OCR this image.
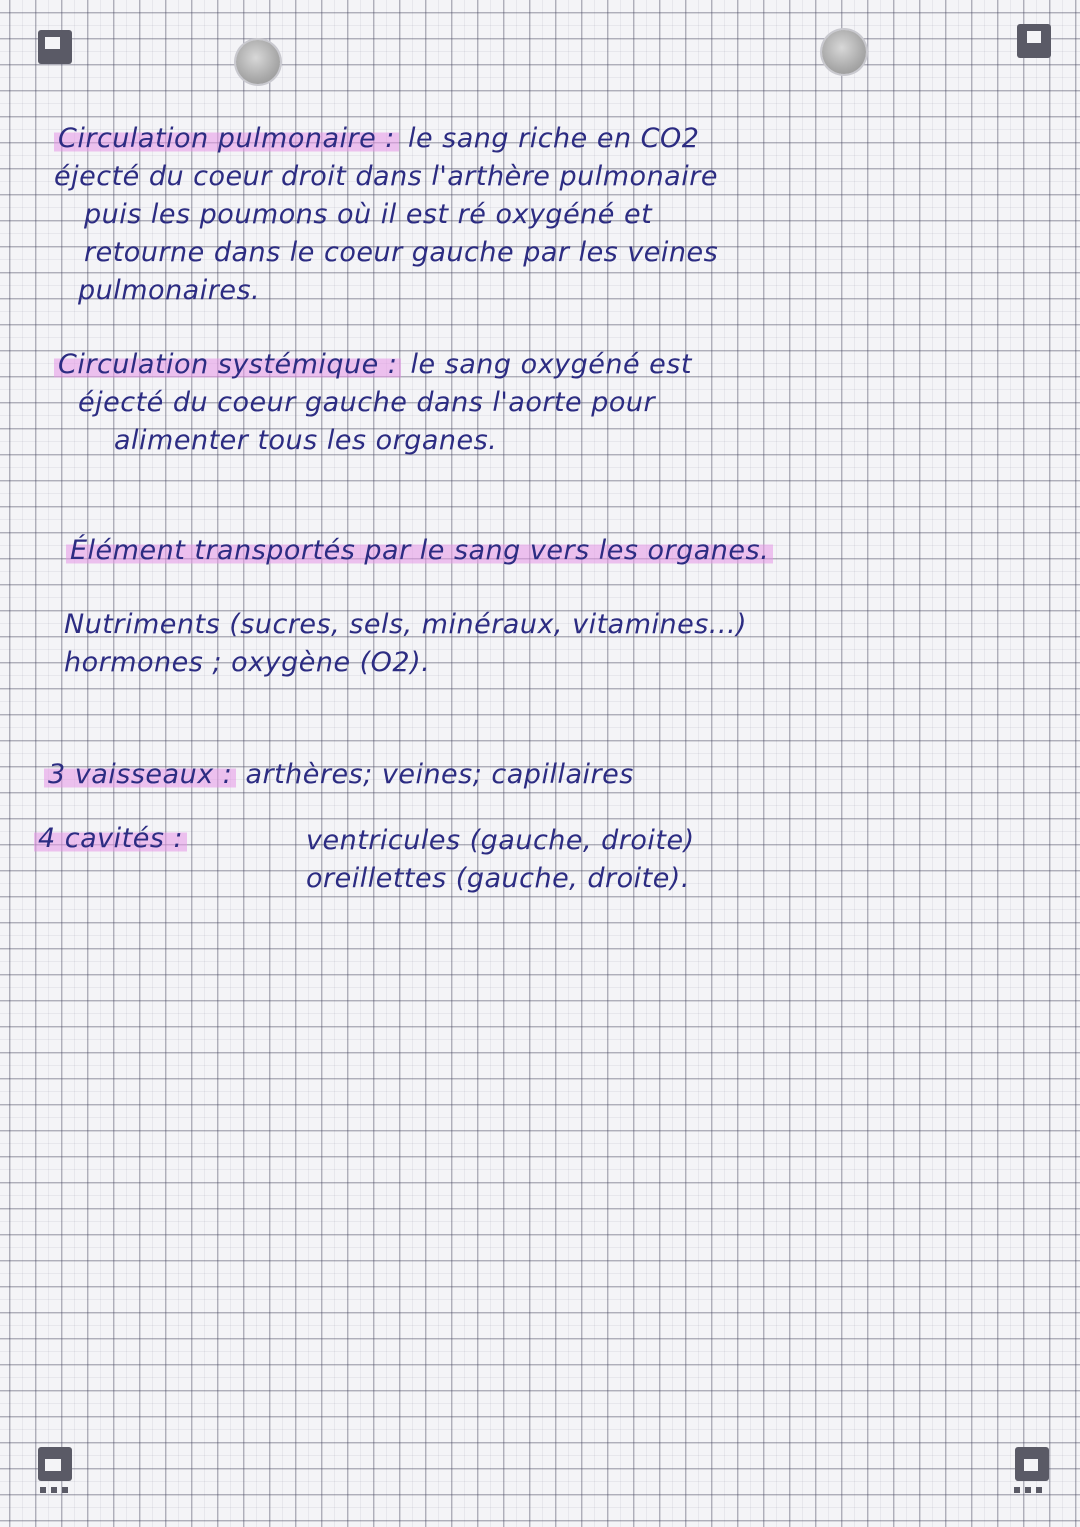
Circulation pulmonaire : le sang riche en CO2
éjecté du coeur droit dans l'arthère pulmonaire
puis les poumons où il est ré oxygéné et
retourne dans le coeur gauche par les veines
pulmonaires.
Circulation systémique : le sang oxygéné est
éjecté du coeur gauche dans l'aorte pour
alimenter tous les organes.
Élément transportés par le sang vers les organes.
Nutriments (sucres, sels, minéraux, vitamines...)
hormones ; oxygène (O2).
3 vaisseaux : arthères; veines; capillaires
4 cavités :	ventricules (gauche, droite)
oreillettes (gauche, droite).
